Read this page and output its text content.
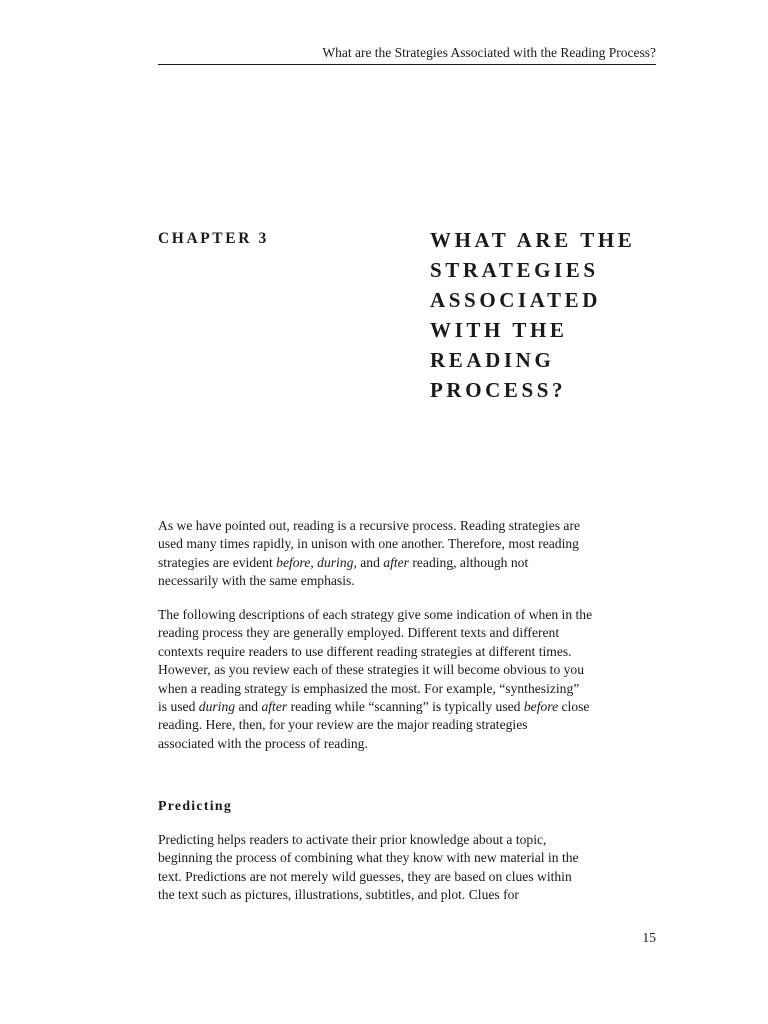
What are the Strategies Associated with the Reading Process?
CHAPTER 3	WHAT ARE THE
STRATEGIES
ASSOCIATED
WITH THE
READING
PROCESS?
As we have pointed out, reading is a recursive process. Reading strategies are
used many times rapidly, in unison with one another. Therefore, most reading
strategies are evident before, during, and after reading, although not
necessarily with the same emphasis.
The following descriptions of each strategy give some indication of when in the
reading process they are generally employed. Different texts and different
contexts require readers to use different reading strategies at different times.
However, as you review each of these strategies it will become obvious to you
when a reading strategy is emphasized the most. For example, “synthesizing”
is used during and after reading while “scanning” is typically used before close
reading. Here, then, for your review are the major reading strategies
associated with the process of reading.
Predicting
Predicting helps readers to activate their prior knowledge about a topic,
beginning the process of combining what they know with new material in the
text. Predictions are not merely wild guesses, they are based on clues within
the text such as pictures, illustrations, subtitles, and plot. Clues for
15
